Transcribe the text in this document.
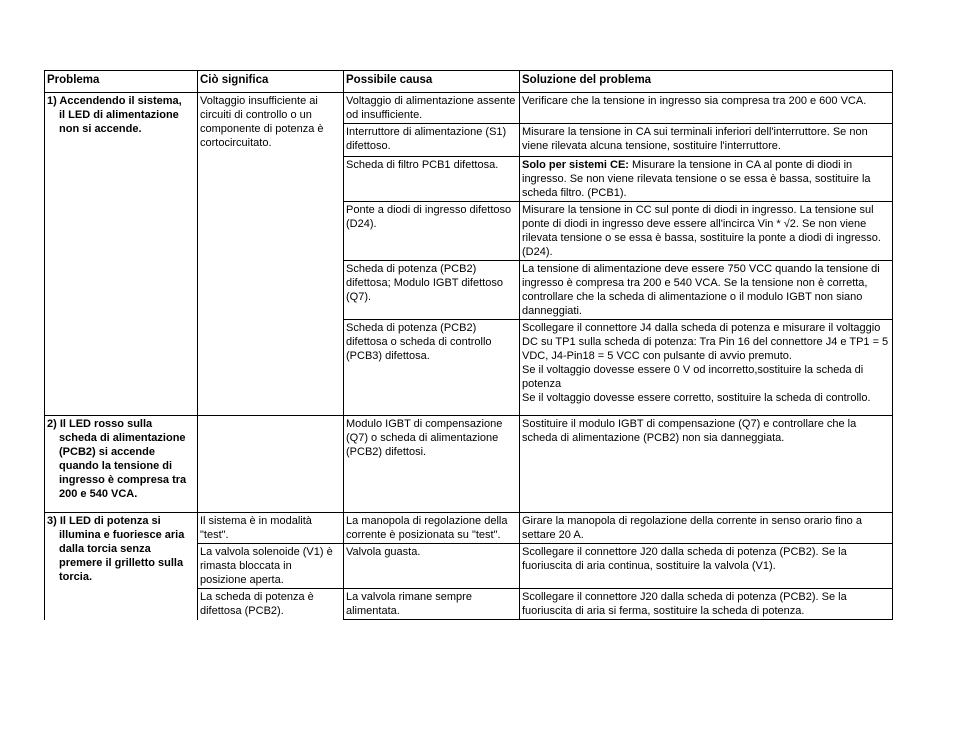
Problema	Ciò significa	Possibile causa	Soluzione del problema

1) Accendendo il sistema,
il LED di alimentazione non si accende.	Voltaggio insufficiente ai circuiti di controllo o un componente di potenza è cortocircuitato.	Voltaggio di alimentazione assente od insufficiente.	Verificare che la tensione in ingresso sia compresa tra 200 e 600 VCA.
		Interruttore di alimentazione (S1) difettoso.	Misurare la tensione in CA sui terminali inferiori dell'interruttore. Se non viene rilevata alcuna tensione, sostituire l'interruttore.
		Scheda di filtro PCB1 difettosa.	Solo per sistemi CE: Misurare la tensione in CA al ponte di diodi in ingresso. Se non viene rilevata tensione o se essa è bassa, sostituire la scheda filtro. (PCB1).
		Ponte a diodi di ingresso difettoso (D24).	Misurare la tensione in CC sul ponte di diodi in ingresso. La tensione sul ponte di diodi in ingresso deve essere all'incirca Vin * √2. Se non viene rilevata tensione o se essa è bassa, sostituire la ponte a diodi di ingresso. (D24).
		Scheda di potenza (PCB2) difettosa; Modulo IGBT difettoso (Q7).	La tensione di alimentazione deve essere 750 VCC quando la tensione di ingresso è compresa tra 200 e 540 VCA. Se la tensione non è corretta, controllare che la scheda di alimentazione o il modulo IGBT non siano danneggiati.
		Scheda di potenza (PCB2) difettosa o scheda di controllo (PCB3) difettosa.	Scollegare il connettore J4 dalla scheda di potenza e misurare il voltaggio DC su TP1 sulla scheda di potenza: Tra Pin 16 del connettore J4 e TP1 = 5 VDC, J4-Pin18 = 5 VCC con pulsante di avvio premuto.
Se il voltaggio dovesse essere 0 V od incorretto,sostituire la scheda di potenza
Se il voltaggio dovesse essere corretto, sostituire la scheda di controllo.

2) Il LED rosso sulla
scheda di alimentazione (PCB2) si accende quando la tensione di ingresso è compresa tra 200 e 540 VCA.		Modulo IGBT di compensazione (Q7) o scheda di alimentazione (PCB2) difettosi.	Sostituire il modulo IGBT di compensazione (Q7) e controllare che la scheda di alimentazione (PCB2) non sia danneggiata.

3) Il LED di potenza si
illumina e fuoriesce aria dalla torcia senza premere il grilletto sulla torcia.	Il sistema è in modalità "test".	La manopola di regolazione della corrente è posizionata su "test".	Girare la manopola di regolazione della corrente in senso orario fino a settare 20 A.
	La valvola solenoide (V1) è rimasta bloccata in posizione aperta.	Valvola guasta.	Scollegare il connettore J20 dalla scheda di potenza (PCB2). Se la fuoriuscita di aria continua, sostituire la valvola (V1).
	La scheda di potenza è difettosa (PCB2).	La valvola rimane sempre alimentata.	Scollegare il connettore J20 dalla scheda di potenza (PCB2). Se la fuoriuscita di aria si ferma, sostituire la scheda di potenza.
